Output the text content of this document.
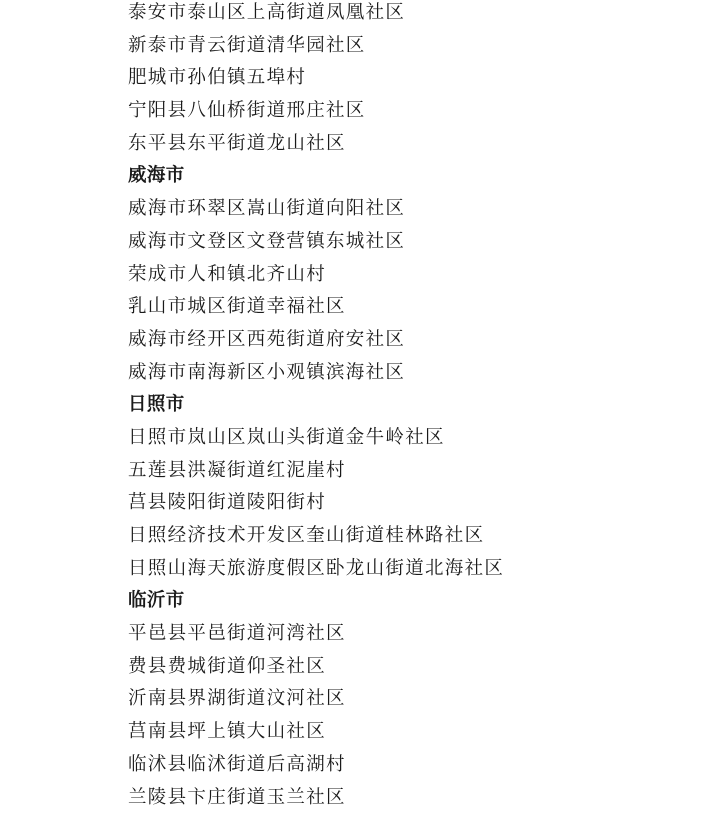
泰安市泰山区上高街道凤凰社区
新泰市青云街道清华园社区
肥城市孙伯镇五埠村
宁阳县八仙桥街道邢庄社区
东平县东平街道龙山社区
威海市
威海市环翠区嵩山街道向阳社区
威海市文登区文登营镇东城社区
荣成市人和镇北齐山村
乳山市城区街道幸福社区
威海市经开区西苑街道府安社区
威海市南海新区小观镇滨海社区
日照市
日照市岚山区岚山头街道金牛岭社区
五莲县洪凝街道红泥崖村
莒县陵阳街道陵阳街村
日照经济技术开发区奎山街道桂林路社区
日照山海天旅游度假区卧龙山街道北海社区
临沂市
平邑县平邑街道河湾社区
费县费城街道仰圣社区
沂南县界湖街道汶河社区
莒南县坪上镇大山社区
临沭县临沭街道后高湖村
兰陵县卞庄街道玉兰社区
